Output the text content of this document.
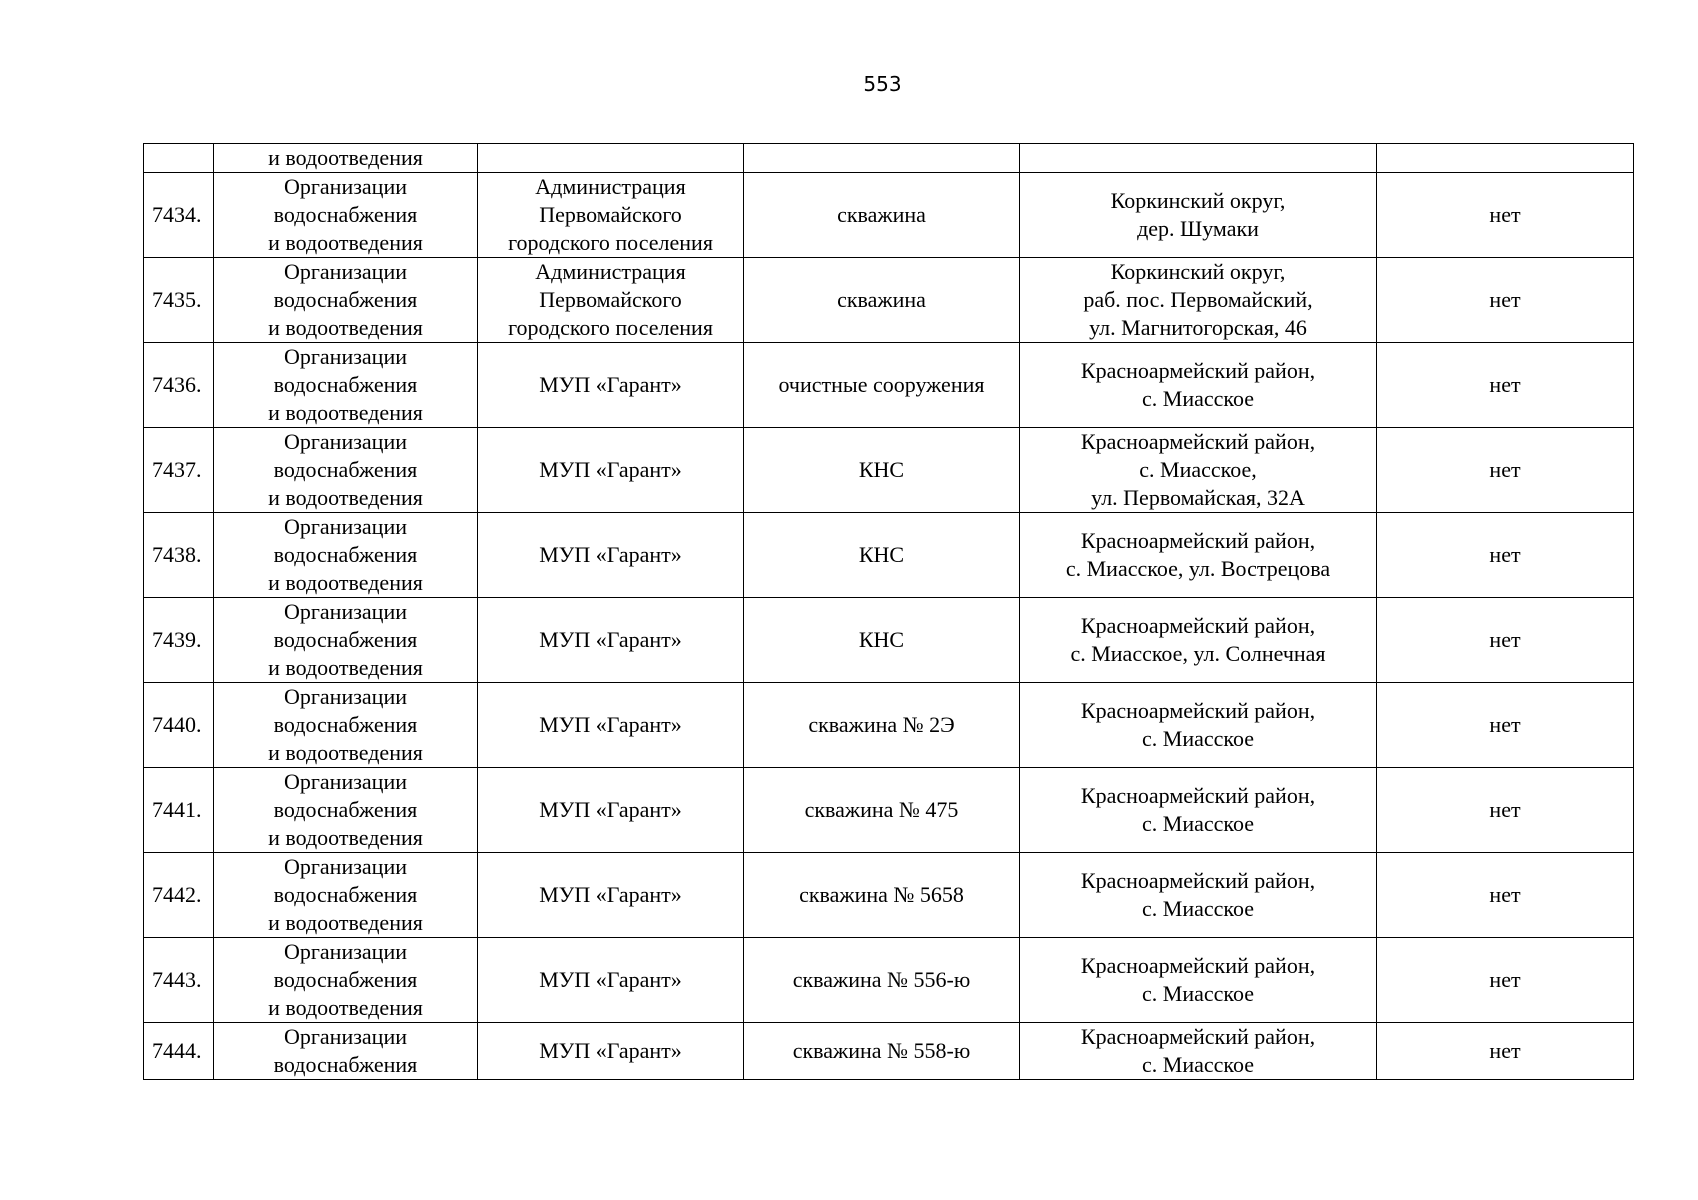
553

	и водоотведения				

7434.	Организации
водоснабжения
и водоотведения	Администрация
Первомайского
городского поселения	скважина	Коркинский округ,
дер. Шумаки	нет
7435.	Организации
водоснабжения
и водоотведения	Администрация
Первомайского
городского поселения	скважина	Коркинский округ,
раб. пос. Первомайский,
ул. Магнитогорская, 46	нет
7436.	Организации
водоснабжения
и водоотведения	МУП «Гарант»	очистные сооружения	Красноармейский район,
с. Миасское	нет
7437.	Организации
водоснабжения
и водоотведения	МУП «Гарант»	КНС	Красноармейский район,
с. Миасское,
ул. Первомайская, 32А	нет
7438.	Организации
водоснабжения
и водоотведения	МУП «Гарант»	КНС	Красноармейский район,
с. Миасское, ул. Вострецова	нет
7439.	Организации
водоснабжения
и водоотведения	МУП «Гарант»	КНС	Красноармейский район,
с. Миасское, ул. Солнечная	нет
7440.	Организации
водоснабжения
и водоотведения	МУП «Гарант»	скважина № 2Э	Красноармейский район,
с. Миасское	нет
7441.	Организации
водоснабжения
и водоотведения	МУП «Гарант»	скважина № 475	Красноармейский район,
с. Миасское	нет
7442.	Организации
водоснабжения
и водоотведения	МУП «Гарант»	скважина № 5658	Красноармейский район,
с. Миасское	нет
7443.	Организации
водоснабжения
и водоотведения	МУП «Гарант»	скважина № 556-ю	Красноармейский район,
с. Миасское	нет
7444.	Организации
водоснабжения	МУП «Гарант»	скважина № 558-ю	Красноармейский район,
с. Миасское	нет
